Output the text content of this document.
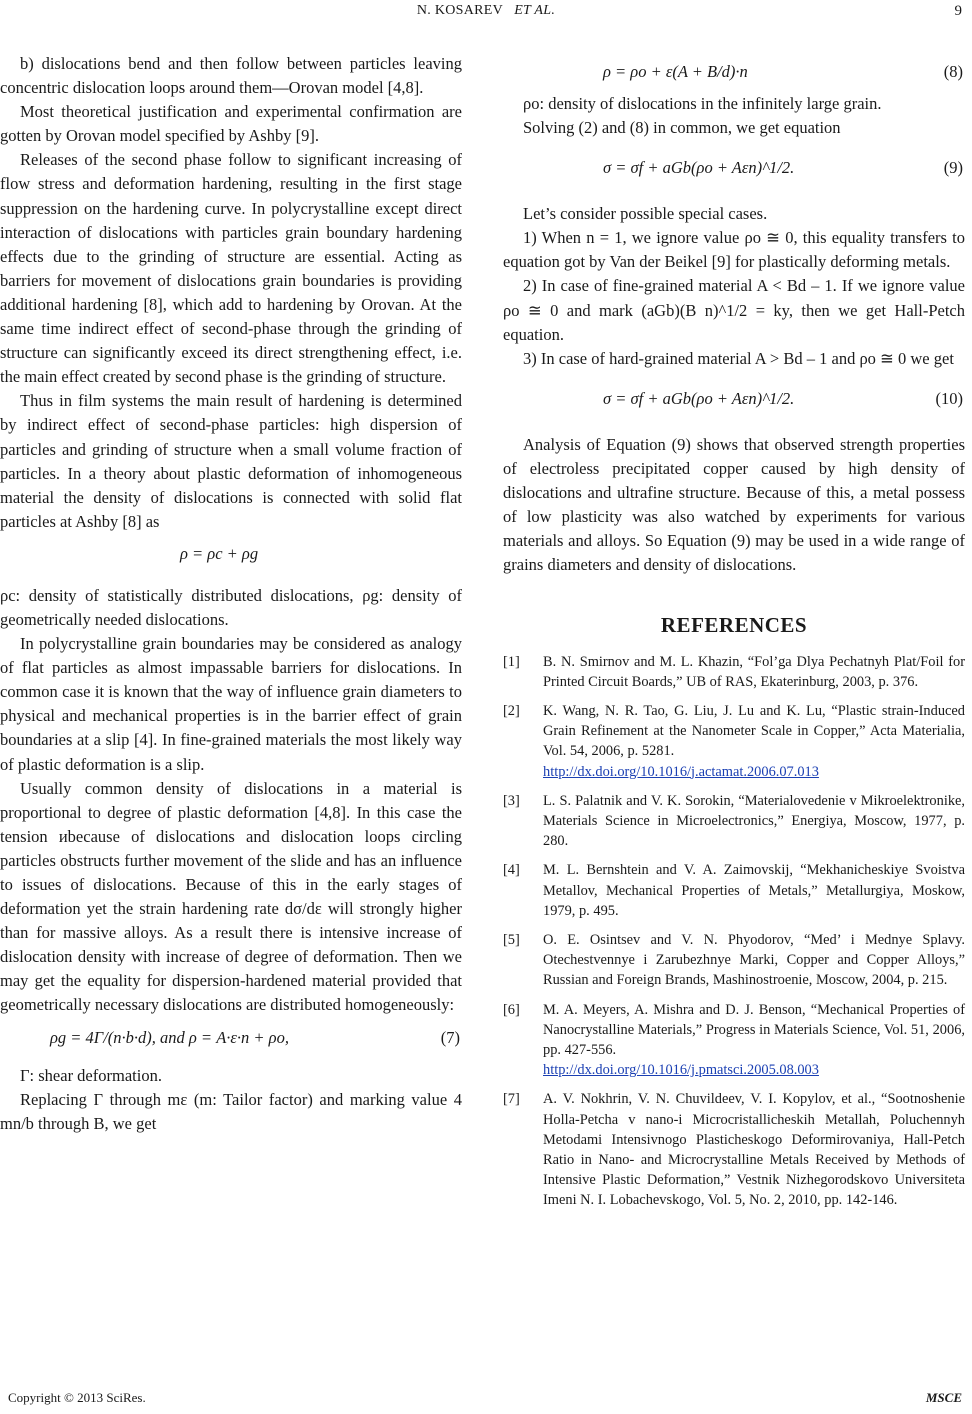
N. KOSAREV ET AL.	9

b) dislocations bend and then follow between particles leaving concentric dislocation loops around them—Orovan model [4,8].

Most theoretical justification and experimental confirmation are gotten by Orovan model specified by Ashby [9].

Releases of the second phase follow to significant increasing of flow stress and deformation hardening, resulting in the first stage suppression on the hardening curve. In polycrystalline except direct interaction of dislocations with particles grain boundary hardening effects due to the grinding of structure are essential. Acting as barriers for movement of dislocations grain boundaries is providing additional hardening [8], which add to hardening by Orovan. At the same time indirect effect of second-phase through the grinding of structure can significantly exceed its direct strengthening effect, i.e. the main effect created by second phase is the grinding of structure.

Thus in film systems the main result of hardening is determined by indirect effect of second-phase particles: high dispersion of particles and grinding of structure when a small volume fraction of particles. In a theory about plastic deformation of inhomogeneous material the density of dislocations is connected with solid flat particles at Ashby [8] as

ρ = ρc + ρg

ρc: density of statistically distributed dislocations, ρg: density of geometrically needed dislocations.

In polycrystalline grain boundaries may be considered as analogy of flat particles as almost impassable barriers for dislocations. In common case it is known that the way of influence grain diameters to physical and mechanical properties is in the barrier effect of grain boundaries at a slip [4]. In fine-grained materials the most likely way of plastic deformation is a slip.

Usually common density of dislocations in a material is proportional to degree of plastic deformation [4,8]. In this case the tension иbecause of dislocations and dislocation loops circling particles obstructs further movement of the slide and has an influence to issues of dislocations. Because of this in the early stages of deformation yet the strain hardening rate dσ/dε will strongly higher than for massive alloys. As a result there is intensive increase of dislocation density with increase of degree of deformation. Then we may get the equality for dispersion-hardened material provided that geometrically necessary dislocations are distributed homogeneously:

ρg = 4Γ/(n·b·d), and ρ = A·ε·n + ρo,	(7)

Γ: shear deformation.

Replacing Γ through mε (m: Tailor factor) and marking value 4 mn/b through B, we get

ρ = ρo + ε(A + B/d)·n	(8)

ρo: density of dislocations in the infinitely large grain.

Solving (2) and (8) in common, we get equation

σ = σf + aGb(ρo + Aεn)^1/2.	(9)

Let’s consider possible special cases.

1) When n = 1, we ignore value ρo ≅ 0, this equality transfers to equation got by Van der Beikel [9] for plastically deforming metals.

2) In case of fine-grained material A < Bd – 1. If we ignore value ρo ≅ 0 and mark (aGb)(B n)^1/2 = ky, then we get Hall-Petch equation.

3) In case of hard-grained material A > Bd – 1 and ρo ≅ 0 we get

σ = σf + aGb(ρo + Aεn)^1/2.	(10)

Analysis of Equation (9) shows that observed strength properties of electroless precipitated copper caused by high density of dislocations and ultrafine structure. Because of this, a metal possess of low plasticity was also watched by experiments for various materials and alloys. So Equation (9) may be used in a wide range of grains diameters and density of dislocations.

REFERENCES
[1] B. N. Smirnov and M. L. Khazin, “Fol’ga Dlya Pechatnyh Plat/Foil for Printed Circuit Boards,” UB of RAS, Ekaterinburg, 2003, p. 376.
[2] K. Wang, N. R. Tao, G. Liu, J. Lu and K. Lu, “Plastic strain-Induced Grain Refinement at the Nanometer Scale in Copper,” Acta Materialia, Vol. 54, 2006, p. 5281.
http://dx.doi.org/10.1016/j.actamat.2006.07.013
[3] L. S. Palatnik and V. K. Sorokin, “Materialovedenie v Mikroelektronike, Materials Science in Microelectronics,” Energiya, Moscow, 1977, p. 280.
[4] M. L. Bernshtein and V. A. Zaimovskij, “Mekhanicheskiye Svoistva Metallov, Mechanical Properties of Metals,” Metallurgiya, Moskow, 1979, p. 495.
[5] O. E. Osintsev and V. N. Phyodorov, “Med’ i Mednye Splavy. Otechestvennye i Zarubezhnye Marki, Copper and Copper Alloys,” Russian and Foreign Brands, Mashinostroenie, Moscow, 2004, p. 215.
[6] M. A. Meyers, A. Mishra and D. J. Benson, “Mechanical Properties of Nanocrystalline Materials,” Progress in Materials Science, Vol. 51, 2006, pp. 427-556.
http://dx.doi.org/10.1016/j.pmatsci.2005.08.003
[7] A. V. Nokhrin, V. N. Chuvildeev, V. I. Kopylov, et al., “Sootnoshenie Holla-Petcha v nano-i Microcristallicheskih Metallah, Poluchennyh Metodami Intensivnogo Plasticheskogo Deformirovaniya, Hall-Petch Ratio in Nano- and Microcrystalline Metals Received by Methods of Intensive Plastic Deformation,” Vestnik Nizhegorodskovo Universiteta Imeni N. I. Lobachevskogo, Vol. 5, No. 2, 2010, pp. 142-146.
Copyright © 2013 SciRes.	MSCE
